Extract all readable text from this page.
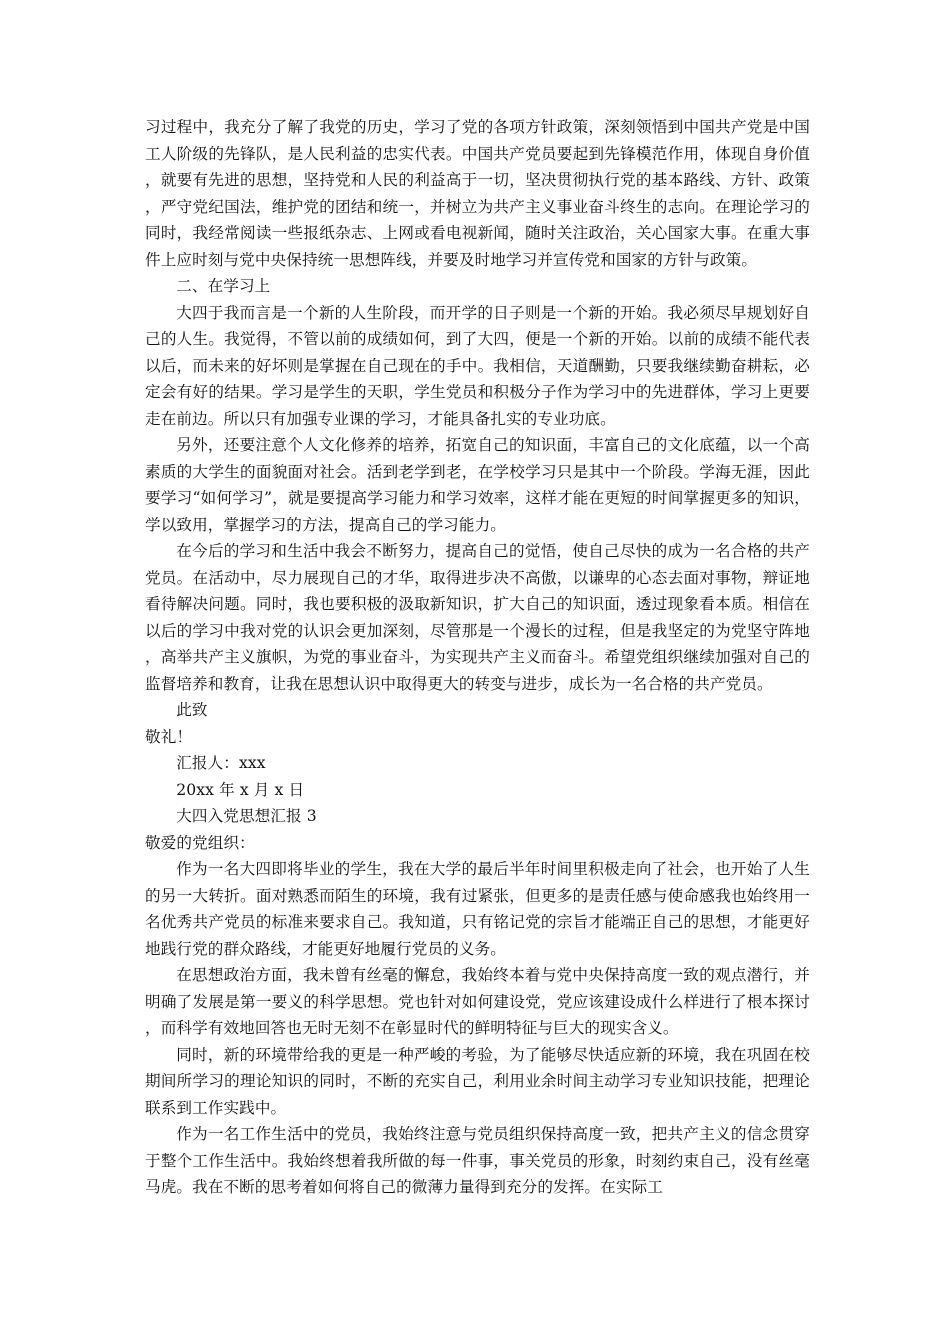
习过程中，我充分了解了我党的历史，学习了党的各项方针政策，深刻领悟到中国共产党是中国工人阶级的先锋队，是人民利益的忠实代表。中国共产党员要起到先锋模范作用，体现自身价值，就要有先进的思想，坚持党和人民的利益高于一切，坚决贯彻执行党的基本路线、方针、政策，严守党纪国法，维护党的团结和统一，并树立为共产主义事业奋斗终生的志向。在理论学习的同时，我经常阅读一些报纸杂志、上网或看电视新闻，随时关注政治，关心国家大事。在重大事件上应时刻与党中央保持统一思想阵线，并要及时地学习并宣传党和国家的方针与政策。

二、在学习上

大四于我而言是一个新的人生阶段，而开学的日子则是一个新的开始。我必须尽早规划好自己的人生。我觉得，不管以前的成绩如何，到了大四，便是一个新的开始。以前的成绩不能代表以后，而未来的好坏则是掌握在自己现在的手中。我相信，天道酬勤，只要我继续勤奋耕耘，必定会有好的结果。学习是学生的天职，学生党员和积极分子作为学习中的先进群体，学习上更要走在前边。所以只有加强专业课的学习，才能具备扎实的专业功底。

另外，还要注意个人文化修养的培养，拓宽自己的知识面，丰富自己的文化底蕴，以一个高素质的大学生的面貌面对社会。活到老学到老，在学校学习只是其中一个阶段。学海无涯，因此要学习“如何学习”，就是要提高学习能力和学习效率，这样才能在更短的时间掌握更多的知识，学以致用，掌握学习的方法，提高自己的学习能力。

在今后的学习和生活中我会不断努力，提高自己的觉悟，使自己尽快的成为一名合格的共产党员。在活动中，尽力展现自己的才华，取得进步决不高傲，以谦卑的心态去面对事物，辩证地看待解决问题。同时，我也要积极的汲取新知识，扩大自己的知识面，透过现象看本质。相信在以后的学习中我对党的认识会更加深刻，尽管那是一个漫长的过程，但是我坚定的为党坚守阵地，高举共产主义旗帜，为党的事业奋斗，为实现共产主义而奋斗。希望党组织继续加强对自己的监督培养和教育，让我在思想认识中取得更大的转变与进步，成长为一名合格的共产党员。

此致

敬礼！

汇报人：xxx

20xx 年 x 月 x 日

大四入党思想汇报 3

敬爱的党组织：

作为一名大四即将毕业的学生，我在大学的最后半年时间里积极走向了社会，也开始了人生的另一大转折。面对熟悉而陌生的环境，我有过紧张，但更多的是责任感与使命感我也始终用一名优秀共产党员的标准来要求自己。我知道，只有铭记党的宗旨才能端正自己的思想，才能更好地践行党的群众路线，才能更好地履行党员的义务。

在思想政治方面，我未曾有丝毫的懈怠，我始终本着与党中央保持高度一致的观点潜行，并明确了发展是第一要义的科学思想。党也针对如何建设党，党应该建设成什么样进行了根本探讨，而科学有效地回答也无时无刻不在彰显时代的鲜明特征与巨大的现实含义。

同时，新的环境带给我的更是一种严峻的考验，为了能够尽快适应新的环境，我在巩固在校期间所学习的理论知识的同时，不断的充实自己，利用业余时间主动学习专业知识技能，把理论联系到工作实践中。

作为一名工作生活中的党员，我始终注意与党员组织保持高度一致，把共产主义的信念贯穿于整个工作生活中。我始终想着我所做的每一件事，事关党员的形象，时刻约束自己，没有丝毫马虎。我在不断的思考着如何将自己的微薄力量得到充分的发挥。在实际工
